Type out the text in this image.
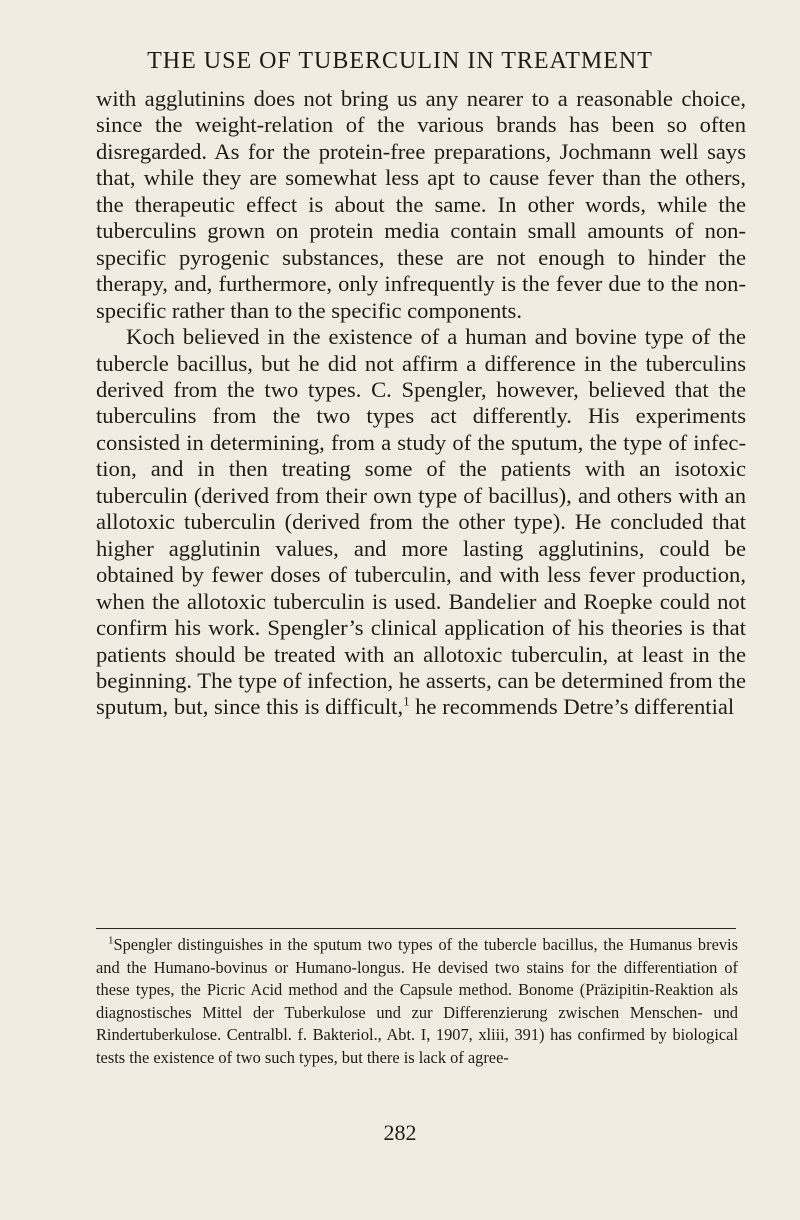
THE USE OF TUBERCULIN IN TREATMENT

with agglutinins does not bring us any nearer to a reasonable choice, since the weight-relation of the various brands has been so often disregarded. As for the protein-free preparations, Jochmann well says that, while they are somewhat less apt to cause fever than the others, the therapeutic effect is about the same. In other words, while the tuberculins grown on protein media contain small amounts of non-specific pyrogenic substances, these are not enough to hinder the therapy, and, furthermore, only infrequently is the fever due to the non-specific rather than to the specific components.

Koch believed in the existence of a human and bovine type of the tubercle bacillus, but he did not affirm a difference in the tuberculins derived from the two types. C. Spengler, however, believed that the tuberculins from the two types act differently. His experiments consisted in determining, from a study of the sputum, the type of infection, and in then treating some of the patients with an isotoxic tuberculin (derived from their own type of bacillus), and others with an allotoxic tuberculin (derived from the other type). He concluded that higher agglutinin values, and more lasting agglutinins, could be obtained by fewer doses of tuberculin, and with less fever production, when the allotoxic tuberculin is used. Bandelier and Roepke could not confirm his work. Spengler’s clinical application of his theories is that patients should be treated with an allotoxic tuberculin, at least in the beginning. The type of infection, he asserts, can be determined from the sputum, but, since this is difficult,$^1$ he recommends Detre’s differential

$^1$Spengler distinguishes in the sputum two types of the tubercle bacillus, the Humanus brevis and the Humano-bovinus or Humano-longus. He devised two stains for the differentiation of these types, the Picric Acid method and the Capsule method. Bonome (Präzipitin-Reaktion als diagnostisches Mittel der Tuberkulose und zur Differenzierung zwischen Menschen- und Rindertuberkulose. Centralbl. f. Bakteriol., Abt. I, 1907, xliii, 391) has confirmed by biological tests the existence of two such types, but there is lack of agree-

282
